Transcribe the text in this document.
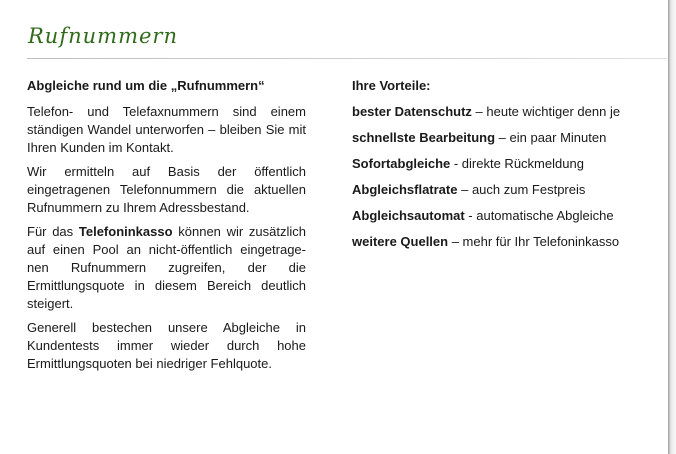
Rufnummern
Abgleiche rund um die „Rufnummern“

Telefon- und Telefaxnummern sind einem ständigen Wandel unterworfen – bleiben Sie mit Ihren Kunden im Kontakt.

Wir ermitteln auf Basis der öffentlich eingetragenen Telefonnummern die aktuellen Rufnummern zu Ihrem Adressbestand.

Für das Telefoninkasso können wir zusätzlich auf einen Pool an nicht-öffentlich eingetrage-nen Rufnummern zugreifen, der die Ermittlungsquote in diesem Bereich deutlich steigert.

Generell bestechen unsere Abgleiche in Kundentests immer wieder durch hohe Ermittlungsquoten bei niedriger Fehlquote.

Ihre Vorteile:
bester Datenschutz – heute wichtiger denn je
schnellste Bearbeitung – ein paar Minuten
Sofortabgleiche - direkte Rückmeldung
Abgleichsflatrate – auch zum Festpreis
Abgleichsautomat - automatische Abgleiche
weitere Quellen – mehr für Ihr Telefoninkasso
